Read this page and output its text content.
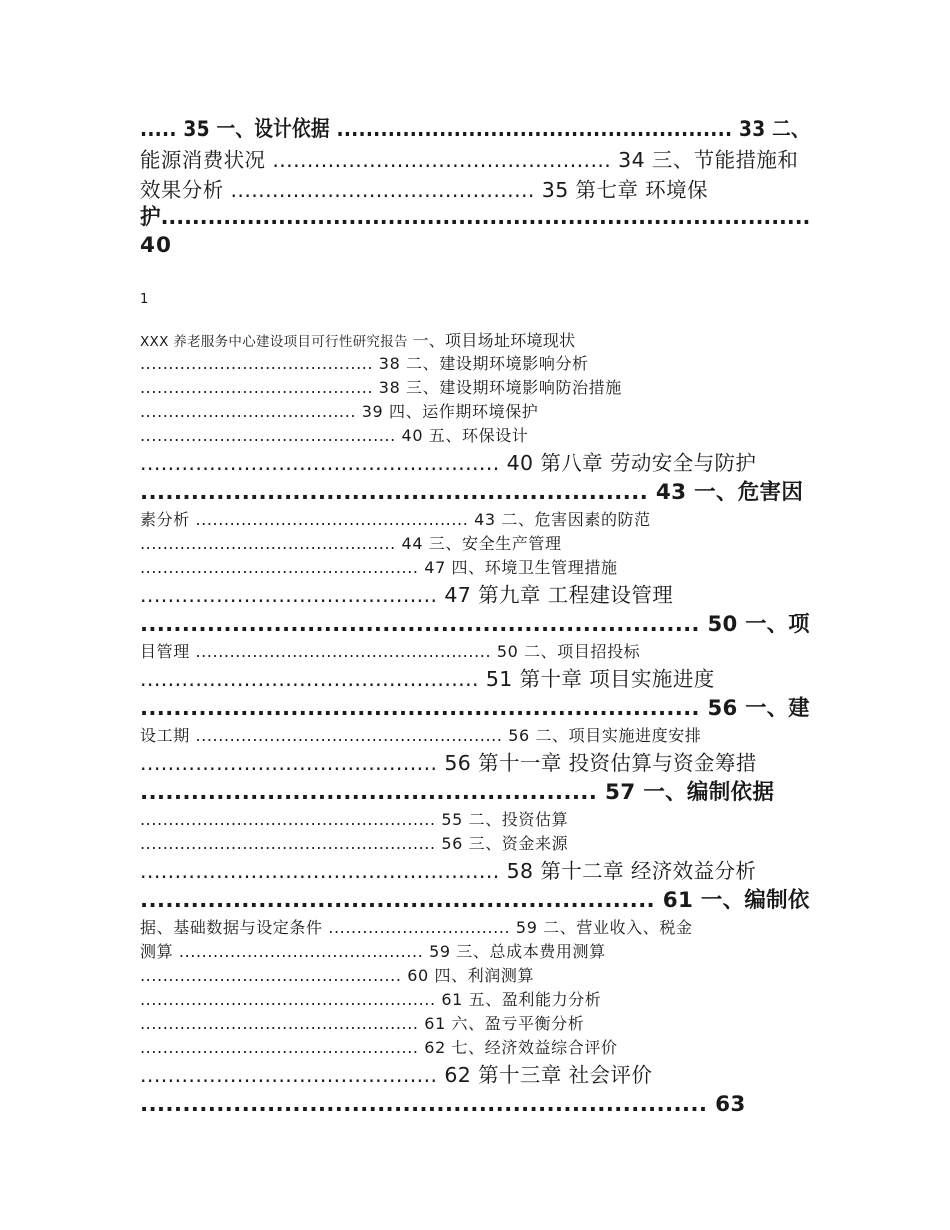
..... 35 一、设计依据 ...................................................... 33 二、
能源消费状况 ................................................. 34 三、节能措施和
效果分析 ............................................ 35 第七章 环境保
护...................................................................................
40
1
XXX 养老服务中心建设项目可行性研究报告 一、项目场址环境现状
......................................... 38 二、建设期环境影响分析
......................................... 38 三、建设期环境影响防治措施
...................................... 39 四、运作期环境保护
............................................. 40 五、环保设计
.................................................... 40 第八章 劳动安全与防护
............................................................ 43 一、危害因
素分析 ................................................ 43 二、危害因素的防范
............................................. 44 三、安全生产管理
................................................. 47 四、环境卫生管理措施
........................................... 47 第九章 工程建设管理
................................................................... 50 一、项
目管理 .................................................... 50 二、项目招投标
................................................. 51 第十章 项目实施进度
................................................................... 56 一、建
设工期 ...................................................... 56 二、项目实施进度安排
........................................... 56 第十一章 投资估算与资金筹措
...................................................... 57 一、编制依据
.................................................... 55 二、投资估算
.................................................... 56 三、资金来源
.................................................... 58 第十二章 经济效益分析
............................................................. 61 一、编制依
据、基础数据与设定条件 ................................ 59 二、营业收入、税金
测算 ........................................... 59 三、总成本费用测算
.............................................. 60 四、利润测算
.................................................... 61 五、盈利能力分析
................................................. 61 六、盈亏平衡分析
................................................. 62 七、经济效益综合评价
........................................... 62 第十三章 社会评价
................................................................... 63
